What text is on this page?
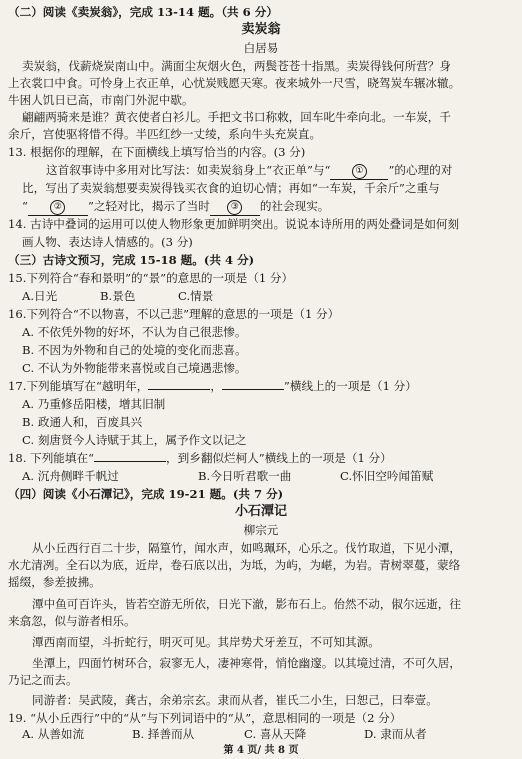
（二）阅读《卖炭翁》，完成 13-14 题。（共 6 分）
卖炭翁
白居易
卖炭翁，伐薪烧炭南山中。满面尘灰烟火色，两鬓苍苍十指黑。卖炭得钱何所营？身
上衣裳口中食。可怜身上衣正单，心忧炭贱愿天寒。夜来城外一尺雪，晓驾炭车辗冰辙。
牛困人饥日已高，市南门外泥中歇。
翩翩两骑来是谁？黄衣使者白衫儿。手把文书口称敕，回车叱牛牵向北。一车炭，千
余斤，宫使驱将惜不得。半匹红纱一丈绫，系向牛头充炭直。
13. 根据你的理解，在下面横线上填写恰当的内容。(3 分)
这首叙事诗中多用对比写法：如卖炭翁身上“衣正单”与“	① ”的心理的对
比，写出了卖炭翁想要卖炭得钱买衣食的迫切心情；再如“一车炭，千余斤”之重与
“	② ”之轻对比，揭示了当时 ③ 的社会现实。
14. 古诗中叠词的运用可以使人物形象更加鲜明突出。说说本诗所用的两处叠词是如何刻
画人物、表达诗人情感的。(3 分)
（三）古诗文预习，完成 15-18 题。(共 4 分)
15.下列符合“春和景明”的“景”的意思的一项是（1 分）
A.日光	B.景色	C.情景
16.下列符合“不以物喜，不以己悲”理解的意思的一项是（1 分）
A. 不依凭外物的好坏，不认为自己很悲惨。
B. 不因为外物和自己的处境的变化而悲喜。
C. 不认为外物能带来喜悦或自己境遇悲惨。
17.下列能填写在“越明年，	，	”横线上的一项是（1 分）
A. 乃重修岳阳楼，增其旧制
B. 政通人和，百废具兴
C. 刻唐贤今人诗赋于其上，属予作文以记之
18. 下列能填在“	，到乡翻似烂柯人”横线上的一项是（1 分）
A. 沉舟侧畔千帆过	B.今日听君歌一曲	C.怀旧空吟闻笛赋
（四）阅读《小石潭记》，完成 19-21 题。(共 7 分)
小石潭记
柳宗元
从小丘西行百二十步，隔篁竹，闻水声，如鸣珮环，心乐之。伐竹取道，下见小潭，
水尤清冽。全石以为底，近岸，卷石底以出，为坻，为屿，为嵁，为岩。青树翠蔓，蒙络
摇缀，参差披拂。
潭中鱼可百许头，皆若空游无所依，日光下澈，影布石上。佁然不动，俶尔远逝，往
来翕忽，似与游者相乐。
潭西南而望，斗折蛇行，明灭可见。其岸势犬牙差互，不可知其源。
坐潭上，四面竹树环合，寂寥无人，凄神寒骨，悄怆幽邃。以其境过清，不可久居，
乃记之而去。
同游者：吴武陵，龚古，余弟宗玄。隶而从者，崔氏二小生，曰恕己，曰奉壹。
19. “从小丘西行”中的“从”与下列词语中的“从”，意思相同的一项是（2 分）
A. 从善如流	B. 择善而从	C. 喜从天降	D. 隶而从者
第 4 页/ 共 8 页
